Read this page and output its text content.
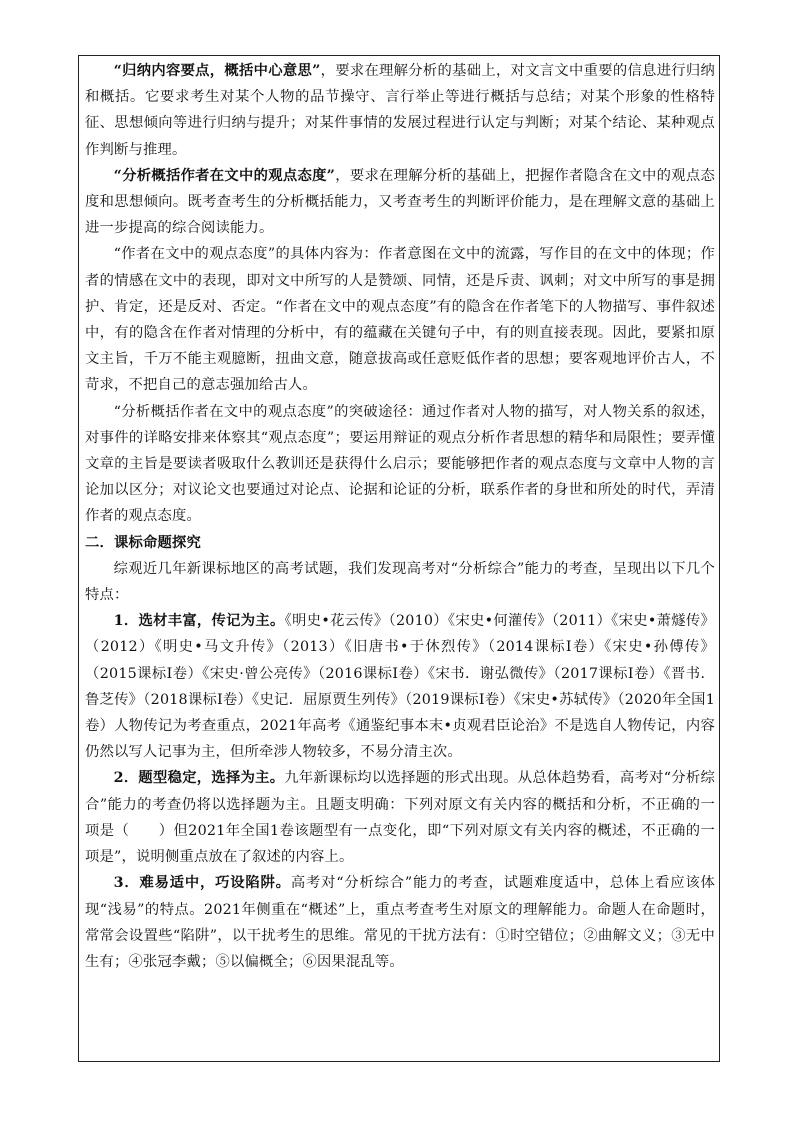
“归纳内容要点，概括中心意思”，要求在理解分析的基础上，对文言文中重要的信息进行归纳和概括。它要求考生对某个人物的品节操守、言行举止等进行概括与总结；对某个形象的性格特征、思想倾向等进行归纳与提升；对某件事情的发展过程进行认定与判断；对某个结论、某种观点作判断与推理。

“分析概括作者在文中的观点态度”，要求在理解分析的基础上，把握作者隐含在文中的观点态度和思想倾向。既考查考生的分析概括能力，又考查考生的判断评价能力，是在理解文意的基础上进一步提高的综合阅读能力。

“作者在文中的观点态度”的具体内容为：作者意图在文中的流露，写作目的在文中的体现；作者的情感在文中的表现，即对文中所写的人是赞颂、同情，还是斥责、讽刺；对文中所写的事是拥护、肯定，还是反对、否定。“作者在文中的观点态度”有的隐含在作者笔下的人物描写、事件叙述中，有的隐含在作者对情理的分析中，有的蕴藏在关键句子中，有的则直接表现。因此，要紧扣原文主旨，千万不能主观臆断，扭曲文意，随意拔高或任意贬低作者的思想；要客观地评价古人，不苛求，不把自己的意志强加给古人。

“分析概括作者在文中的观点态度”的突破途径：通过作者对人物的描写，对人物关系的叙述，对事件的详略安排来体察其“观点态度”；要运用辩证的观点分析作者思想的精华和局限性；要弄懂文章的主旨是要读者吸取什么教训还是获得什么启示；要能够把作者的观点态度与文章中人物的言论加以区分；对议论文也要通过对论点、论据和论证的分析，联系作者的身世和所处的时代，弄清作者的观点态度。

二．课标命题探究

综观近几年新课标地区的高考试题，我们发现高考对“分析综合”能力的考查，呈现出以下几个特点：

1．选材丰富，传记为主。《明史•花云传》（2010）《宋史•何灌传》（2011）《宋史•萧燧传》（2012）《明史•马文升传》（2013）《旧唐书•于休烈传》（2014课标Ⅰ卷）《宋史•孙傅传》（2015课标Ⅰ卷）《宋史·曾公亮传》（2016课标Ⅰ卷）《宋书．谢弘微传》（2017课标Ⅰ卷）《晋书．鲁芝传》（2018课标Ⅰ卷）《史记．屈原贾生列传》（2019课标Ⅰ卷）《宋史•苏轼传》（2020年全国1卷）人物传记为考查重点，2021年高考《通鉴纪事本末•贞观君臣论治》不是选自人物传记，内容仍然以写人记事为主，但所牵涉人物较多，不易分清主次。

2．题型稳定，选择为主。九年新课标均以选择题的形式出现。从总体趋势看，高考对“分析综合”能力的考查仍将以选择题为主。且题支明确：下列对原文有关内容的概括和分析，不正确的一项是（　　）但2021年全国1卷该题型有一点变化，即“下列对原文有关内容的概述，不正确的一项是”，说明侧重点放在了叙述的内容上。

3．难易适中，巧设陷阱。高考对“分析综合”能力的考查，试题难度适中，总体上看应该体现“浅易”的特点。2021年侧重在“概述”上，重点考查考生对原文的理解能力。命题人在命题时，常常会设置些“陷阱”，以干扰考生的思维。常见的干扰方法有：①时空错位；②曲解文义；③无中生有；④张冠李戴；⑤以偏概全；⑥因果混乱等。
